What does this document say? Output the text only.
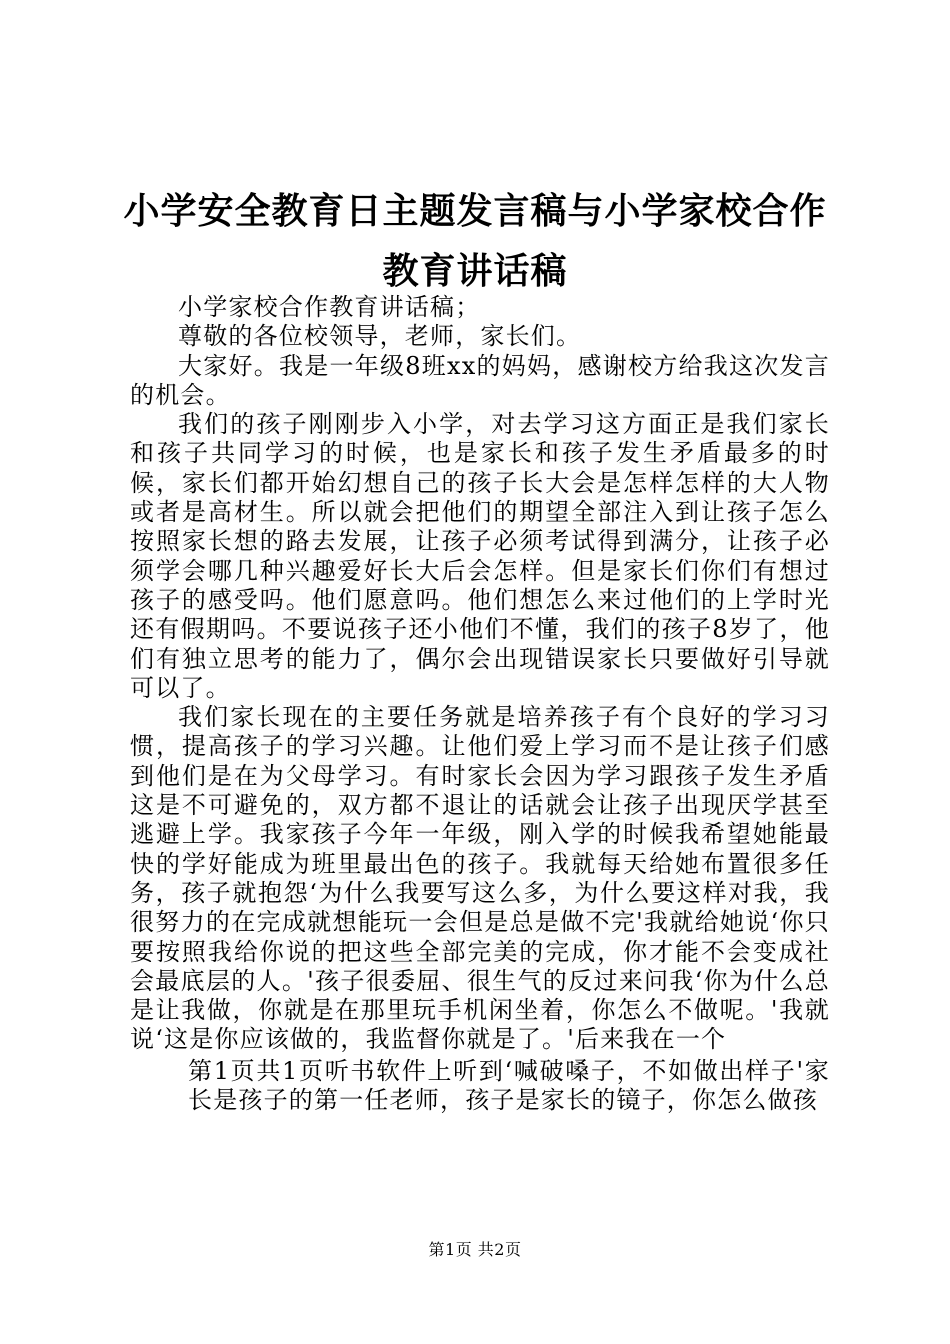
小学安全教育日主题发言稿与小学家校合作教育讲话稿

小学家校合作教育讲话稿；

尊敬的各位校领导，老师，家长们。

大家好。我是一年级8班xx的妈妈，感谢校方给我这次发言的机会。

我们的孩子刚刚步入小学，对去学习这方面正是我们家长和孩子共同学习的时候，也是家长和孩子发生矛盾最多的时候，家长们都开始幻想自己的孩子长大会是怎样怎样的大人物或者是高材生。所以就会把他们的期望全部注入到让孩子怎么按照家长想的路去发展，让孩子必须考试得到满分，让孩子必须学会哪几种兴趣爱好长大后会怎样。但是家长们你们有想过孩子的感受吗。他们愿意吗。他们想怎么来过他们的上学时光还有假期吗。不要说孩子还小他们不懂，我们的孩子8岁了，他们有独立思考的能力了，偶尔会出现错误家长只要做好引导就可以了。

我们家长现在的主要任务就是培养孩子有个良好的学习习惯，提高孩子的学习兴趣。让他们爱上学习而不是让孩子们感到他们是在为父母学习。有时家长会因为学习跟孩子发生矛盾这是不可避免的，双方都不退让的话就会让孩子出现厌学甚至逃避上学。我家孩子今年一年级，刚入学的时候我希望她能最快的学好能成为班里最出色的孩子。我就每天给她布置很多任务，孩子就抱怨‘为什么我要写这么多，为什么要这样对我，我很努力的在完成就想能玩一会但是总是做不完'我就给她说‘你只要按照我给你说的把这些全部完美的完成，你才能不会变成社会最底层的人。'孩子很委屈、很生气的反过来问我‘你为什么总是让我做，你就是在那里玩手机闲坐着，你怎么不做呢。'我就说‘这是你应该做的，我监督你就是了。'后来我在一个

第1页共1页听书软件上听到‘喊破嗓子，不如做出样子'家长是孩子的第一任老师，孩子是家长的镜子，你怎么做孩

第1页 共2页
